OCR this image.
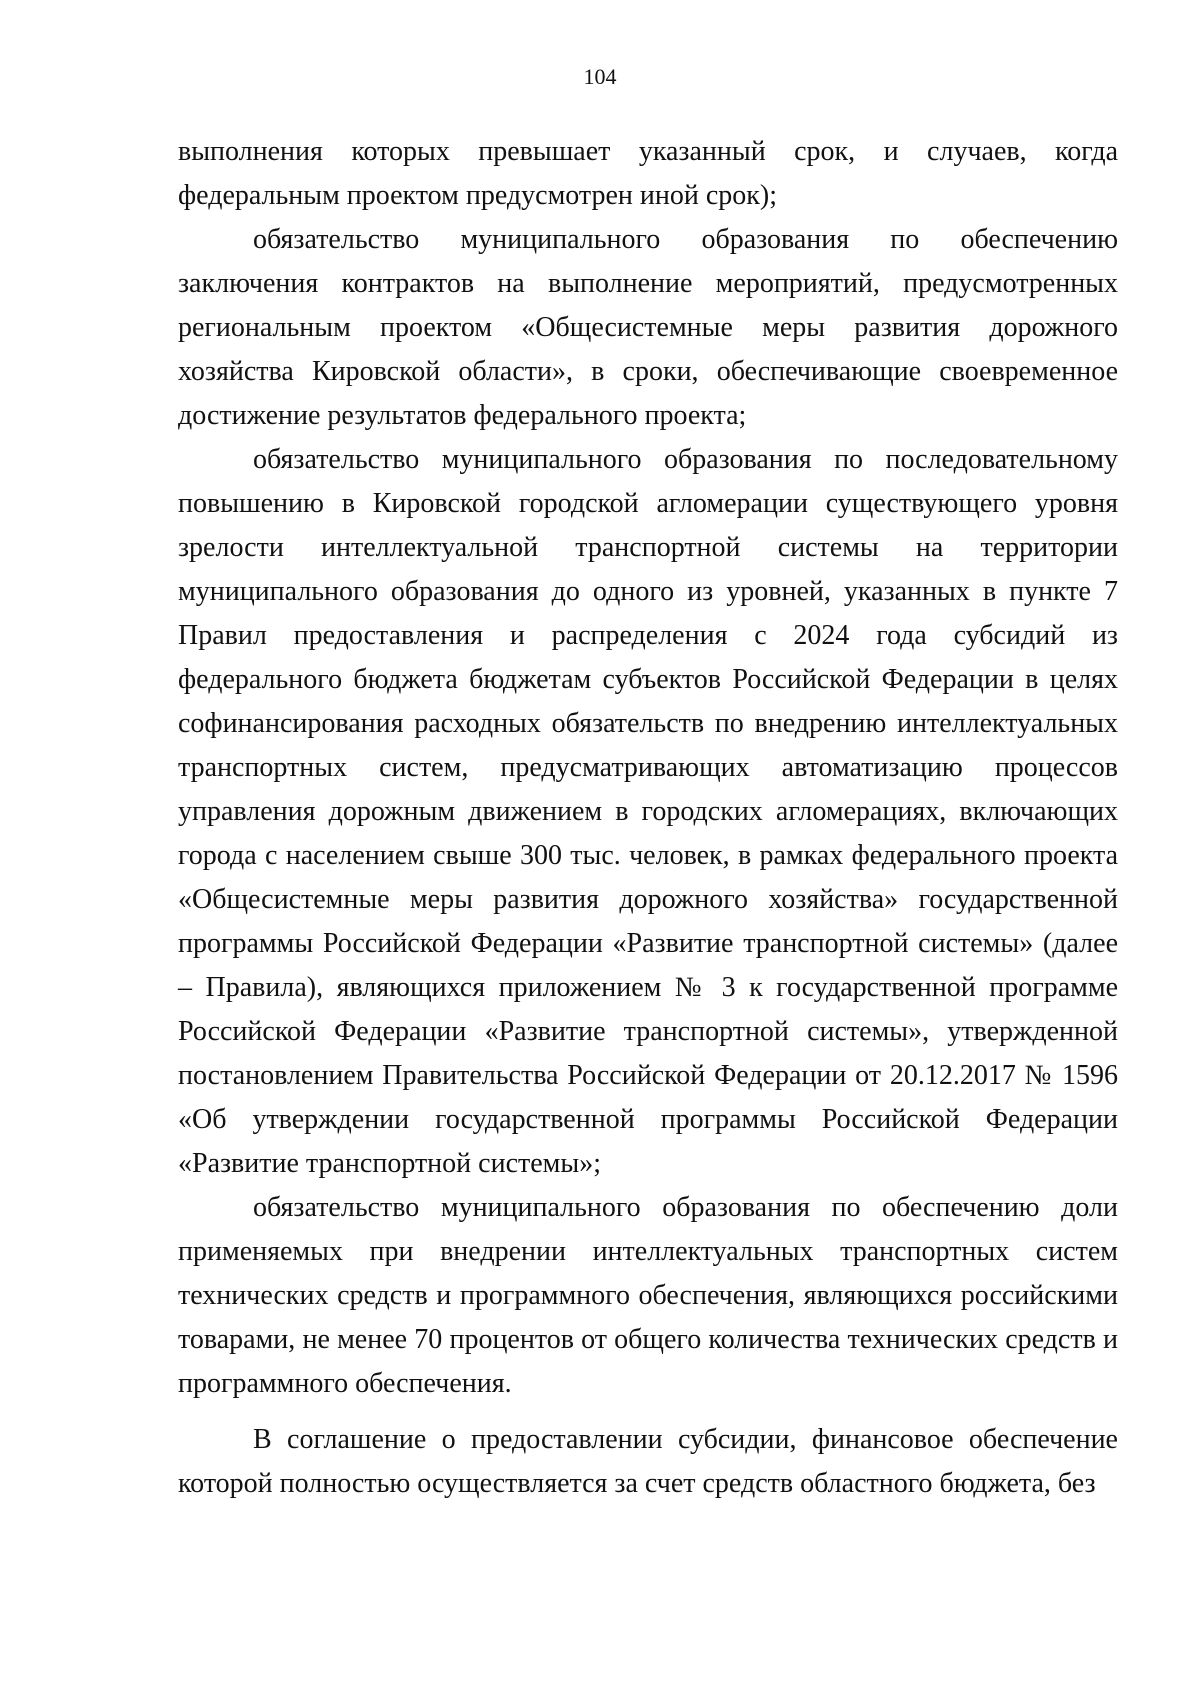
104

выполнения которых превышает указанный срок, и случаев, когда федеральным проектом предусмотрен иной срок);

обязательство муниципального образования по обеспечению заключения контрактов на выполнение мероприятий, предусмотренных региональным проектом «Общесистемные меры развития дорожного хозяйства Кировской области», в сроки, обеспечивающие своевременное достижение результатов федерального проекта;

обязательство муниципального образования по последовательному повышению в Кировской городской агломерации существующего уровня зрелости интеллектуальной транспортной системы на территории муниципального образования до одного из уровней, указанных в пункте 7 Правил предоставления и распределения с 2024 года субсидий из федерального бюджета бюджетам субъектов Российской Федерации в целях софинансирования расходных обязательств по внедрению интеллектуальных транспортных систем, предусматривающих автоматизацию процессов управления дорожным движением в городских агломерациях, включающих города с населением свыше 300 тыс. человек, в рамках федерального проекта «Общесистемные меры развития дорожного хозяйства» государственной программы Российской Федерации «Развитие транспортной системы» (далее – Правила), являющихся приложением № 3 к государственной программе Российской Федерации «Развитие транспортной системы», утвержденной постановлением Правительства Российской Федерации от 20.12.2017 № 1596 «Об утверждении государственной программы Российской Федерации «Развитие транспортной системы»;

обязательство муниципального образования по обеспечению доли применяемых при внедрении интеллектуальных транспортных систем технических средств и программного обеспечения, являющихся российскими товарами, не менее 70 процентов от общего количества технических средств и программного обеспечения.

В соглашение о предоставлении субсидии, финансовое обеспечение которой полностью осуществляется за счет средств областного бюджета, без
